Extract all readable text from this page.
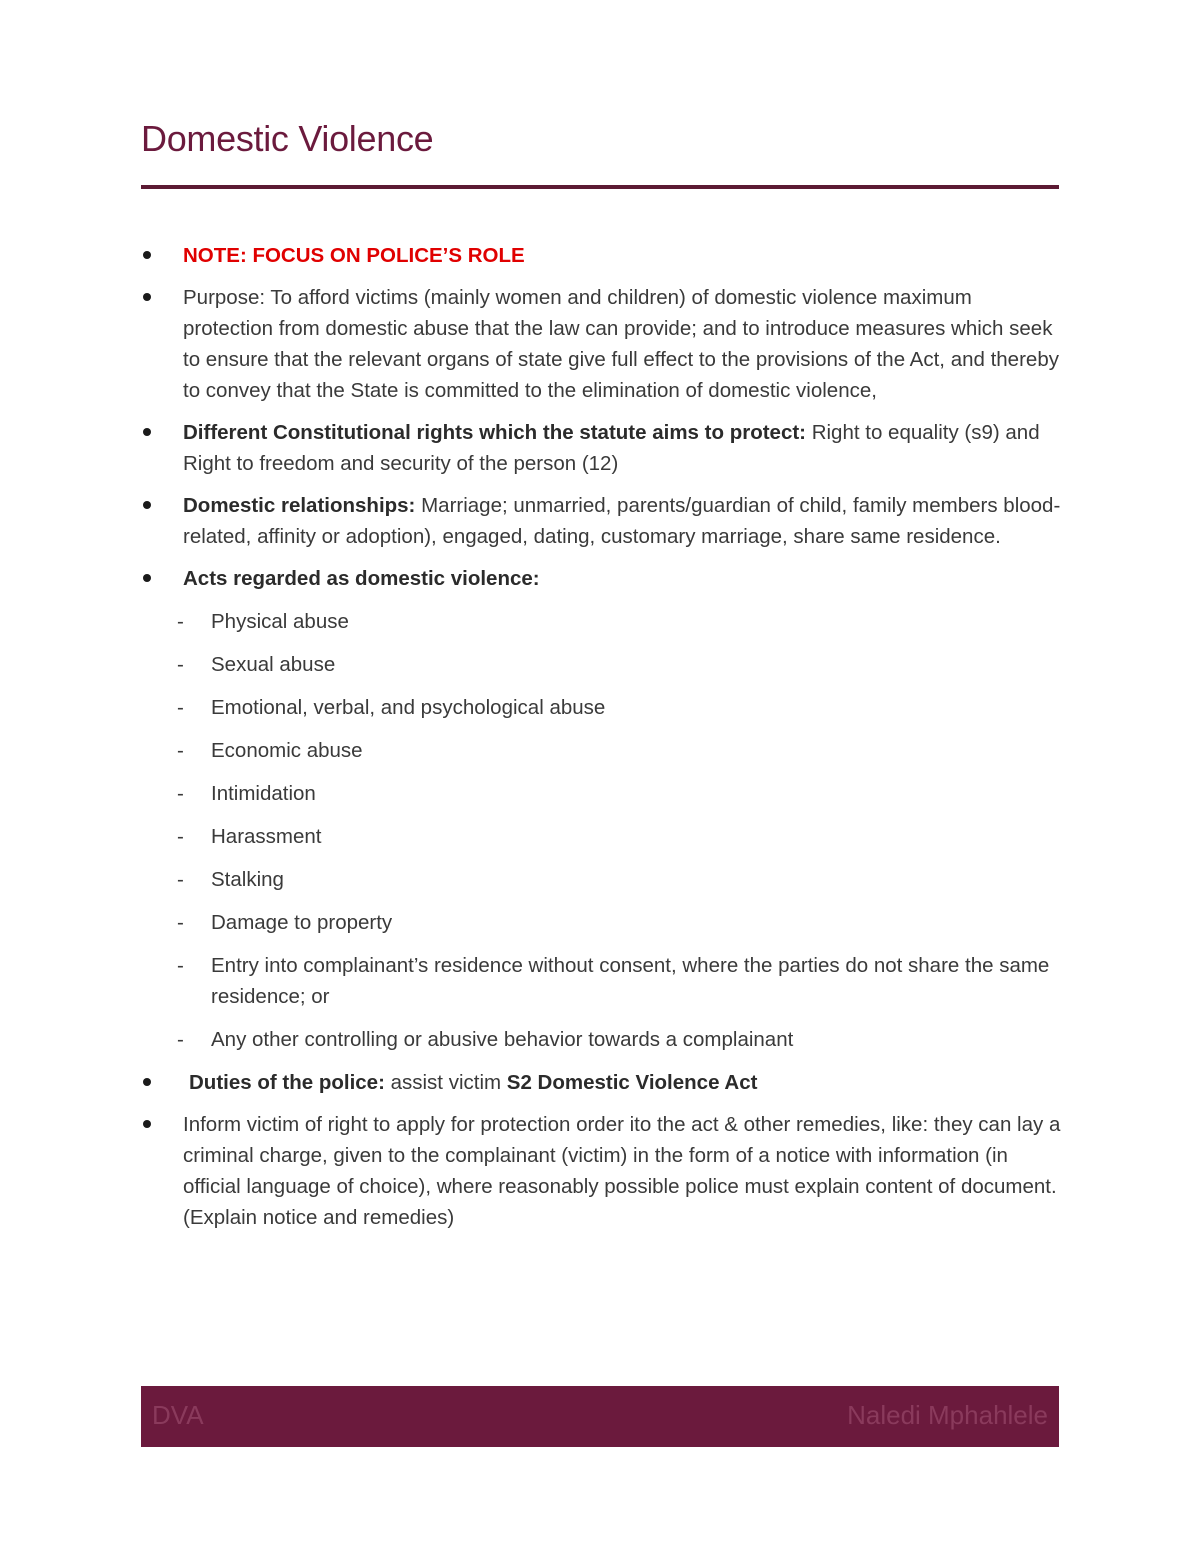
Domestic Violence
NOTE: FOCUS ON POLICE’S ROLE
Purpose: To afford victims (mainly women and children) of domestic violence maximum protection from domestic abuse that the law can provide; and to introduce measures which seek to ensure that the relevant organs of state give full effect to the provisions of the Act, and thereby to convey that the State is committed to the elimination of domestic violence,
Different Constitutional rights which the statute aims to protect: Right to equality (s9) and Right to freedom and security of the person (12)
Domestic relationships: Marriage; unmarried, parents/guardian of child, family members blood-related, affinity or adoption), engaged, dating, customary marriage, share same residence.
Acts regarded as domestic violence:
- Physical abuse
- Sexual abuse
- Emotional, verbal, and psychological abuse
- Economic abuse
- Intimidation
- Harassment
- Stalking
- Damage to property
- Entry into complainant’s residence without consent, where the parties do not share the same residence; or
- Any other controlling or abusive behavior towards a complainant
Duties of the police: assist victim S2 Domestic Violence Act
Inform victim of right to apply for protection order ito the act & other remedies, like: they can lay a criminal charge, given to the complainant (victim) in the form of a notice with information (in official language of choice), where reasonably possible police must explain content of document. (Explain notice and remedies)
DVA	Naledi Mphahlele
